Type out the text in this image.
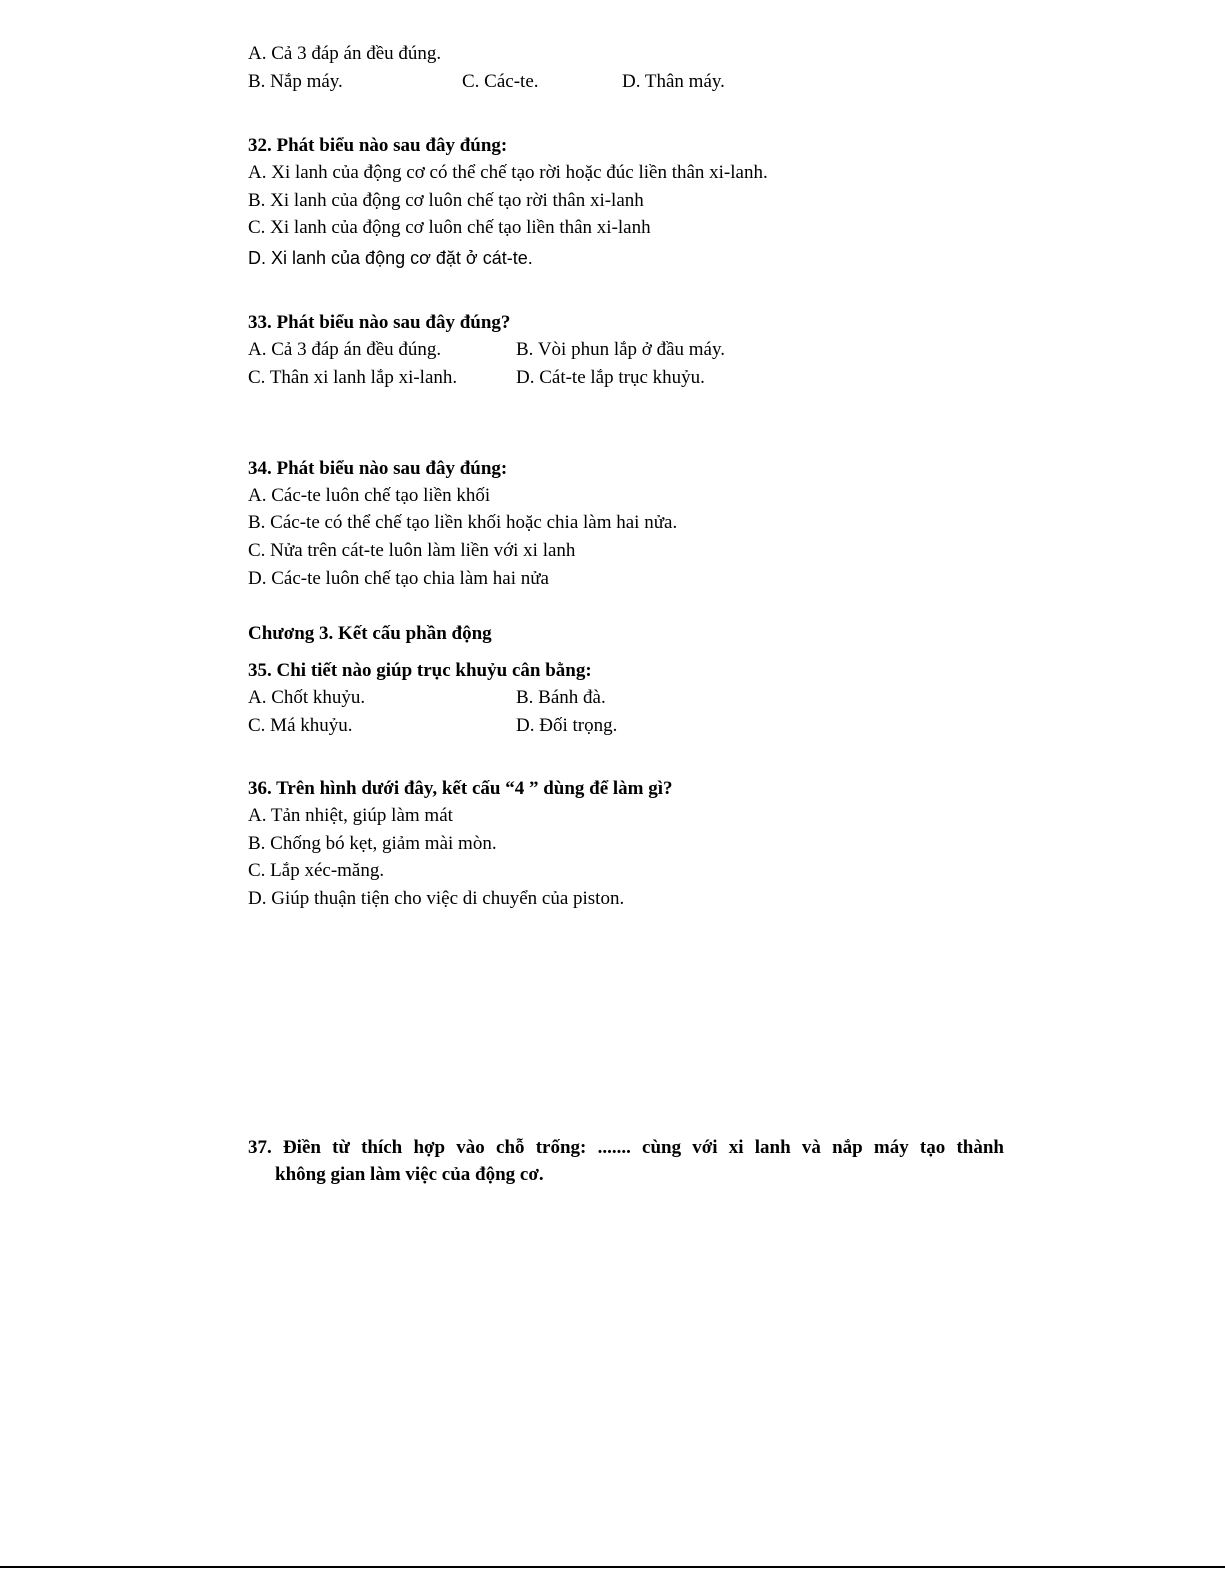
A. Cả 3 đáp án đều đúng.
B. Nắp máy.	C. Các-te.	D. Thân máy.
32. Phát biểu nào sau đây đúng:
A. Xi lanh của động cơ có thể chế tạo rời hoặc đúc liền thân xi-lanh.
B. Xi lanh của động cơ luôn chế tạo rời thân xi-lanh
C. Xi lanh của động cơ luôn chế tạo liền thân xi-lanh
D. Xi lanh của động cơ đặt ở cát-te.
33. Phát biểu nào sau đây đúng?
A. Cả 3 đáp án đều đúng.	B. Vòi phun lắp ở đầu máy.
C. Thân xi lanh lắp xi-lanh.	D. Cát-te lắp trục khuỷu.
34. Phát biểu nào sau đây đúng:
A. Các-te luôn chế tạo liền khối
B. Các-te có thể chế tạo liền khối hoặc chia làm hai nửa.
C. Nửa trên cát-te luôn làm liền với xi lanh
D. Các-te luôn chế tạo chia làm hai nửa
Chương 3. Kết cấu phần động
35. Chi tiết nào giúp trục khuỷu cân bằng:
A. Chốt khuỷu.	B. Bánh đà.
C. Má khuỷu.	D. Đối trọng.
36. Trên hình dưới đây, kết cấu “4 ” dùng để làm gì?
A. Tản nhiệt, giúp làm mát
B. Chống bó kẹt, giảm mài mòn.
C. Lắp xéc-măng.
D. Giúp thuận tiện cho việc di chuyển của piston.
37. Điền từ thích hợp vào chỗ trống: ....... cùng với xi lanh và nắp máy tạo thành
không gian làm việc của động cơ.
